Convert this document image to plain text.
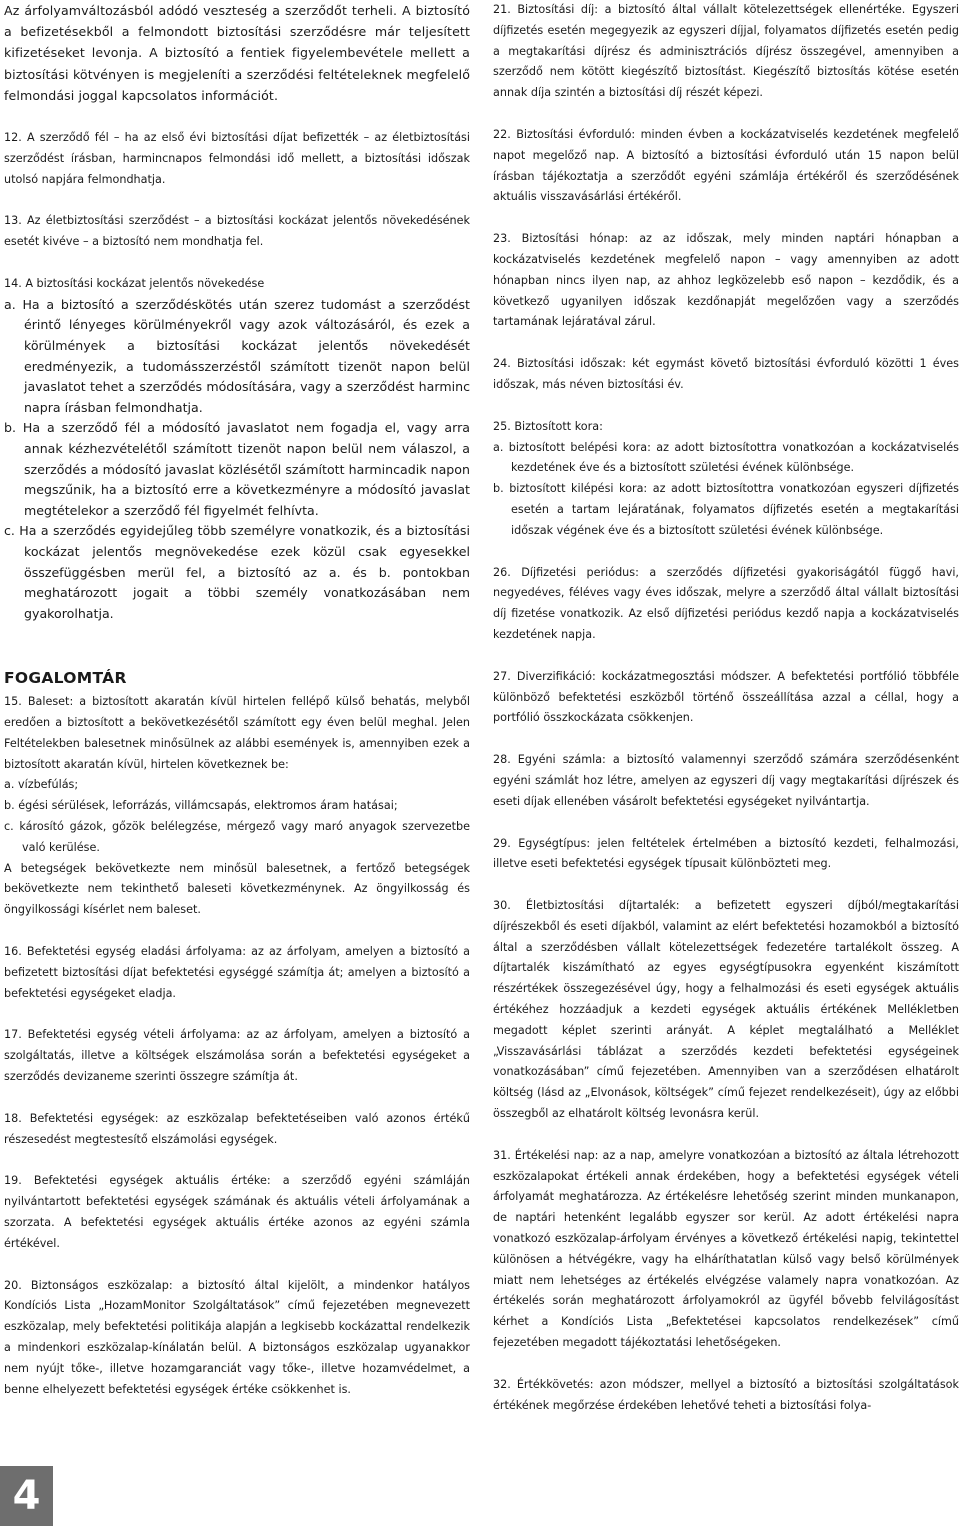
Az árfolyamváltozásból adódó veszteség a szerződőt terheli. A biztosító a befizetésekből a felmondott biztosítási szerződésre már teljesített kifizetéseket levonja. A biztosító a fentiek figyelembevétele mellett a biztosítási kötvényen is megjeleníti a szerződési feltételeknek megfelelő felmondási joggal kapcsolatos információt.

12. A szerződő fél – ha az első évi biztosítási díjat befizették – az életbiztosítási szerződést írásban, harmincnapos felmondási idő mellett, a biztosítási időszak utolsó napjára felmondhatja.

13. Az életbiztosítási szerződést – a biztosítási kockázat jelentős növekedésének esetét kivéve – a biztosító nem mondhatja fel.

14. A biztosítási kockázat jelentős növekedése

a. Ha a biztosító a szerződéskötés után szerez tudomást a szerződést érintő lényeges körülményekről vagy azok változásáról, és ezek a körülmények a biztosítási kockázat jelentős növekedését eredményezik, a tudomásszerzéstől számított tizenöt napon belül javaslatot tehet a szerződés módosítására, vagy a szerződést harminc napra írásban felmondhatja.

b. Ha a szerződő fél a módosító javaslatot nem fogadja el, vagy arra annak kézhezvételétől számított tizenöt napon belül nem válaszol, a szerződés a módosító javaslat közlésétől számított harmincadik napon megszűnik, ha a biztosító erre a következményre a módosító javaslat megtételekor a szerződő fél figyelmét felhívta.

c. Ha a szerződés egyidejűleg több személyre vonatkozik, és a biztosítási kockázat jelentős megnövekedése ezek közül csak egyesekkel összefüggésben merül fel, a biztosító az a. és b. pontokban meghatározott jogait a többi személy vonatkozásában nem gyakorolhatja.

FOGALOMTÁR

15. Baleset: a biztosított akaratán kívül hirtelen fellépő külső behatás, melyből eredően a biztosított a bekövetkezésétől számított egy éven belül meghal. Jelen Feltételekben balesetnek minősülnek az alábbi események is, amennyiben ezek a biztosított akaratán kívül, hirtelen következnek be:

a. vízbefúlás;

b. égési sérülések, leforrázás, villámcsapás, elektromos áram hatásai;

c. károsító gázok, gőzök belélegzése, mérgező vagy maró anyagok szervezetbe való kerülése.

A betegségek bekövetkezte nem minősül balesetnek, a fertőző betegségek bekövetkezte nem tekinthető baleseti következménynek. Az öngyilkosság és öngyilkossági kísérlet nem baleset.

16. Befektetési egység eladási árfolyama: az az árfolyam, amelyen a biztosító a befizetett biztosítási díjat befektetési egységgé számítja át; amelyen a biztosító a befektetési egységeket eladja.

17. Befektetési egység vételi árfolyama: az az árfolyam, amelyen a biztosító a szolgáltatás, illetve a költségek elszámolása során a befektetési egységeket a szerződés devizaneme szerinti összegre számítja át.

18. Befektetési egységek: az eszközalap befektetéseiben való azonos értékű részesedést megtestesítő elszámolási egységek.

19. Befektetési egységek aktuális értéke: a szerződő egyéni számláján nyilvántartott befektetési egységek számának és aktuális vételi árfolyamának a szorzata. A befektetési egységek aktuális értéke azonos az egyéni számla értékével.

20. Biztonságos eszközalap: a biztosító által kijelölt, a mindenkor hatályos Kondíciós Lista „HozamMonitor Szolgáltatások” című fejezetében megnevezett eszközalap, mely befektetési politikája alapján a legkisebb kockázattal rendelkezik a mindenkori eszközalap-kínálatán belül. A biztonságos eszközalap ugyanakkor nem nyújt tőke-, illetve hozamgaranciát vagy tőke-, illetve hozamvédelmet, a benne elhelyezett befektetési egységek értéke csökkenhet is.

21. Biztosítási díj: a biztosító által vállalt kötelezettségek ellenértéke. Egyszeri díjfizetés esetén megegyezik az egyszeri díjjal, folyamatos díjfizetés esetén pedig a megtakarítási díjrész és adminisztrációs díjrész összegével, amennyiben a szerződő nem kötött kiegészítő biztosítást. Kiegészítő biztosítás kötése esetén annak díja szintén a biztosítási díj részét képezi.

22. Biztosítási évforduló: minden évben a kockázatviselés kezdetének megfelelő napot megelőző nap. A biztosító a biztosítási évforduló után 15 napon belül írásban tájékoztatja a szerződőt egyéni számlája értékéről és szerződésének aktuális visszavásárlási értékéről.

23. Biztosítási hónap: az az időszak, mely minden naptári hónapban a kockázatviselés kezdetének megfelelő napon – vagy amennyiben az adott hónapban nincs ilyen nap, az ahhoz legközelebb eső napon – kezdődik, és a következő ugyanilyen időszak kezdőnapját megelőzően vagy a szerződés tartamának lejáratával zárul.

24. Biztosítási időszak: két egymást követő biztosítási évforduló közötti 1 éves időszak, más néven biztosítási év.

25. Biztosított kora:

a. biztosított belépési kora: az adott biztosítottra vonatkozóan a kockázatviselés kezdetének éve és a biztosított születési évének különbsége.

b. biztosított kilépési kora: az adott biztosítottra vonatkozóan egyszeri díjfizetés esetén a tartam lejáratának, folyamatos díjfizetés esetén a megtakarítási időszak végének éve és a biztosított születési évének különbsége.

26. Díjfizetési periódus: a szerződés díjfizetési gyakoriságától függő havi, negyedéves, féléves vagy éves időszak, melyre a szerződő által vállalt biztosítási díj fizetése vonatkozik. Az első díjfizetési periódus kezdő napja a kockázatviselés kezdetének napja.

27. Diverzifikáció: kockázatmegosztási módszer. A befektetési portfólió többféle különböző befektetési eszközből történő összeállítása azzal a céllal, hogy a portfólió összkockázata csökkenjen.

28. Egyéni számla: a biztosító valamennyi szerződő számára szerződésenként egyéni számlát hoz létre, amelyen az egyszeri díj vagy megtakarítási díjrészek és eseti díjak ellenében vásárolt befektetési egységeket nyilvántartja.

29. Egységtípus: jelen feltételek értelmében a biztosító kezdeti, felhalmozási, illetve eseti befektetési egységek típusait különbözteti meg.

30. Életbiztosítási díjtartalék: a befizetett egyszeri díjból/megtakarítási díjrészekből és eseti díjakból, valamint az elért befektetési hozamokból a biztosító által a szerződésben vállalt kötelezettségek fedezetére tartalékolt összeg. A díjtartalék kiszámítható az egyes egységtípusokra egyenként kiszámított részértékek összegezésével úgy, hogy a felhalmozási és eseti egységek aktuális értékéhez hozzáadjuk a kezdeti egységek aktuális értékének Mellékletben megadott képlet szerinti arányát. A képlet megtalálható a Melléklet „Visszavásárlási táblázat a szerződés kezdeti befektetési egységeinek vonatkozásában” című fejezetében. Amennyiben van a szerződésen elhatárolt költség (lásd az „Elvonások, költségek” című fejezet rendelkezéseit), úgy az előbbi összegből az elhatárolt költség levonásra kerül.

31. Értékelési nap: az a nap, amelyre vonatkozóan a biztosító az általa létrehozott eszközalapokat értékeli annak érdekében, hogy a befektetési egységek vételi árfolyamát meghatározza. Az értékelésre lehetőség szerint minden munkanapon, de naptári hetenként legalább egyszer sor kerül. Az adott értékelési napra vonatkozó eszközalap-árfolyam érvényes a következő értékelési napig, tekintettel különösen a hétvégékre, vagy ha elháríthatatlan külső vagy belső körülmények miatt nem lehetséges az értékelés elvégzése valamely napra vonatkozóan. Az értékelés során meghatározott árfolyamokról az ügyfél bővebb felvilágosítást kérhet a Kondíciós Lista „Befektetései kapcsolatos rendelkezések” című fejezetében megadott tájékoztatási lehetőségeken.

32. Értékkövetés: azon módszer, mellyel a biztosító a biztosítási szolgáltatások értékének megőrzése érdekében lehetővé teheti a biztosítási folya-

4
